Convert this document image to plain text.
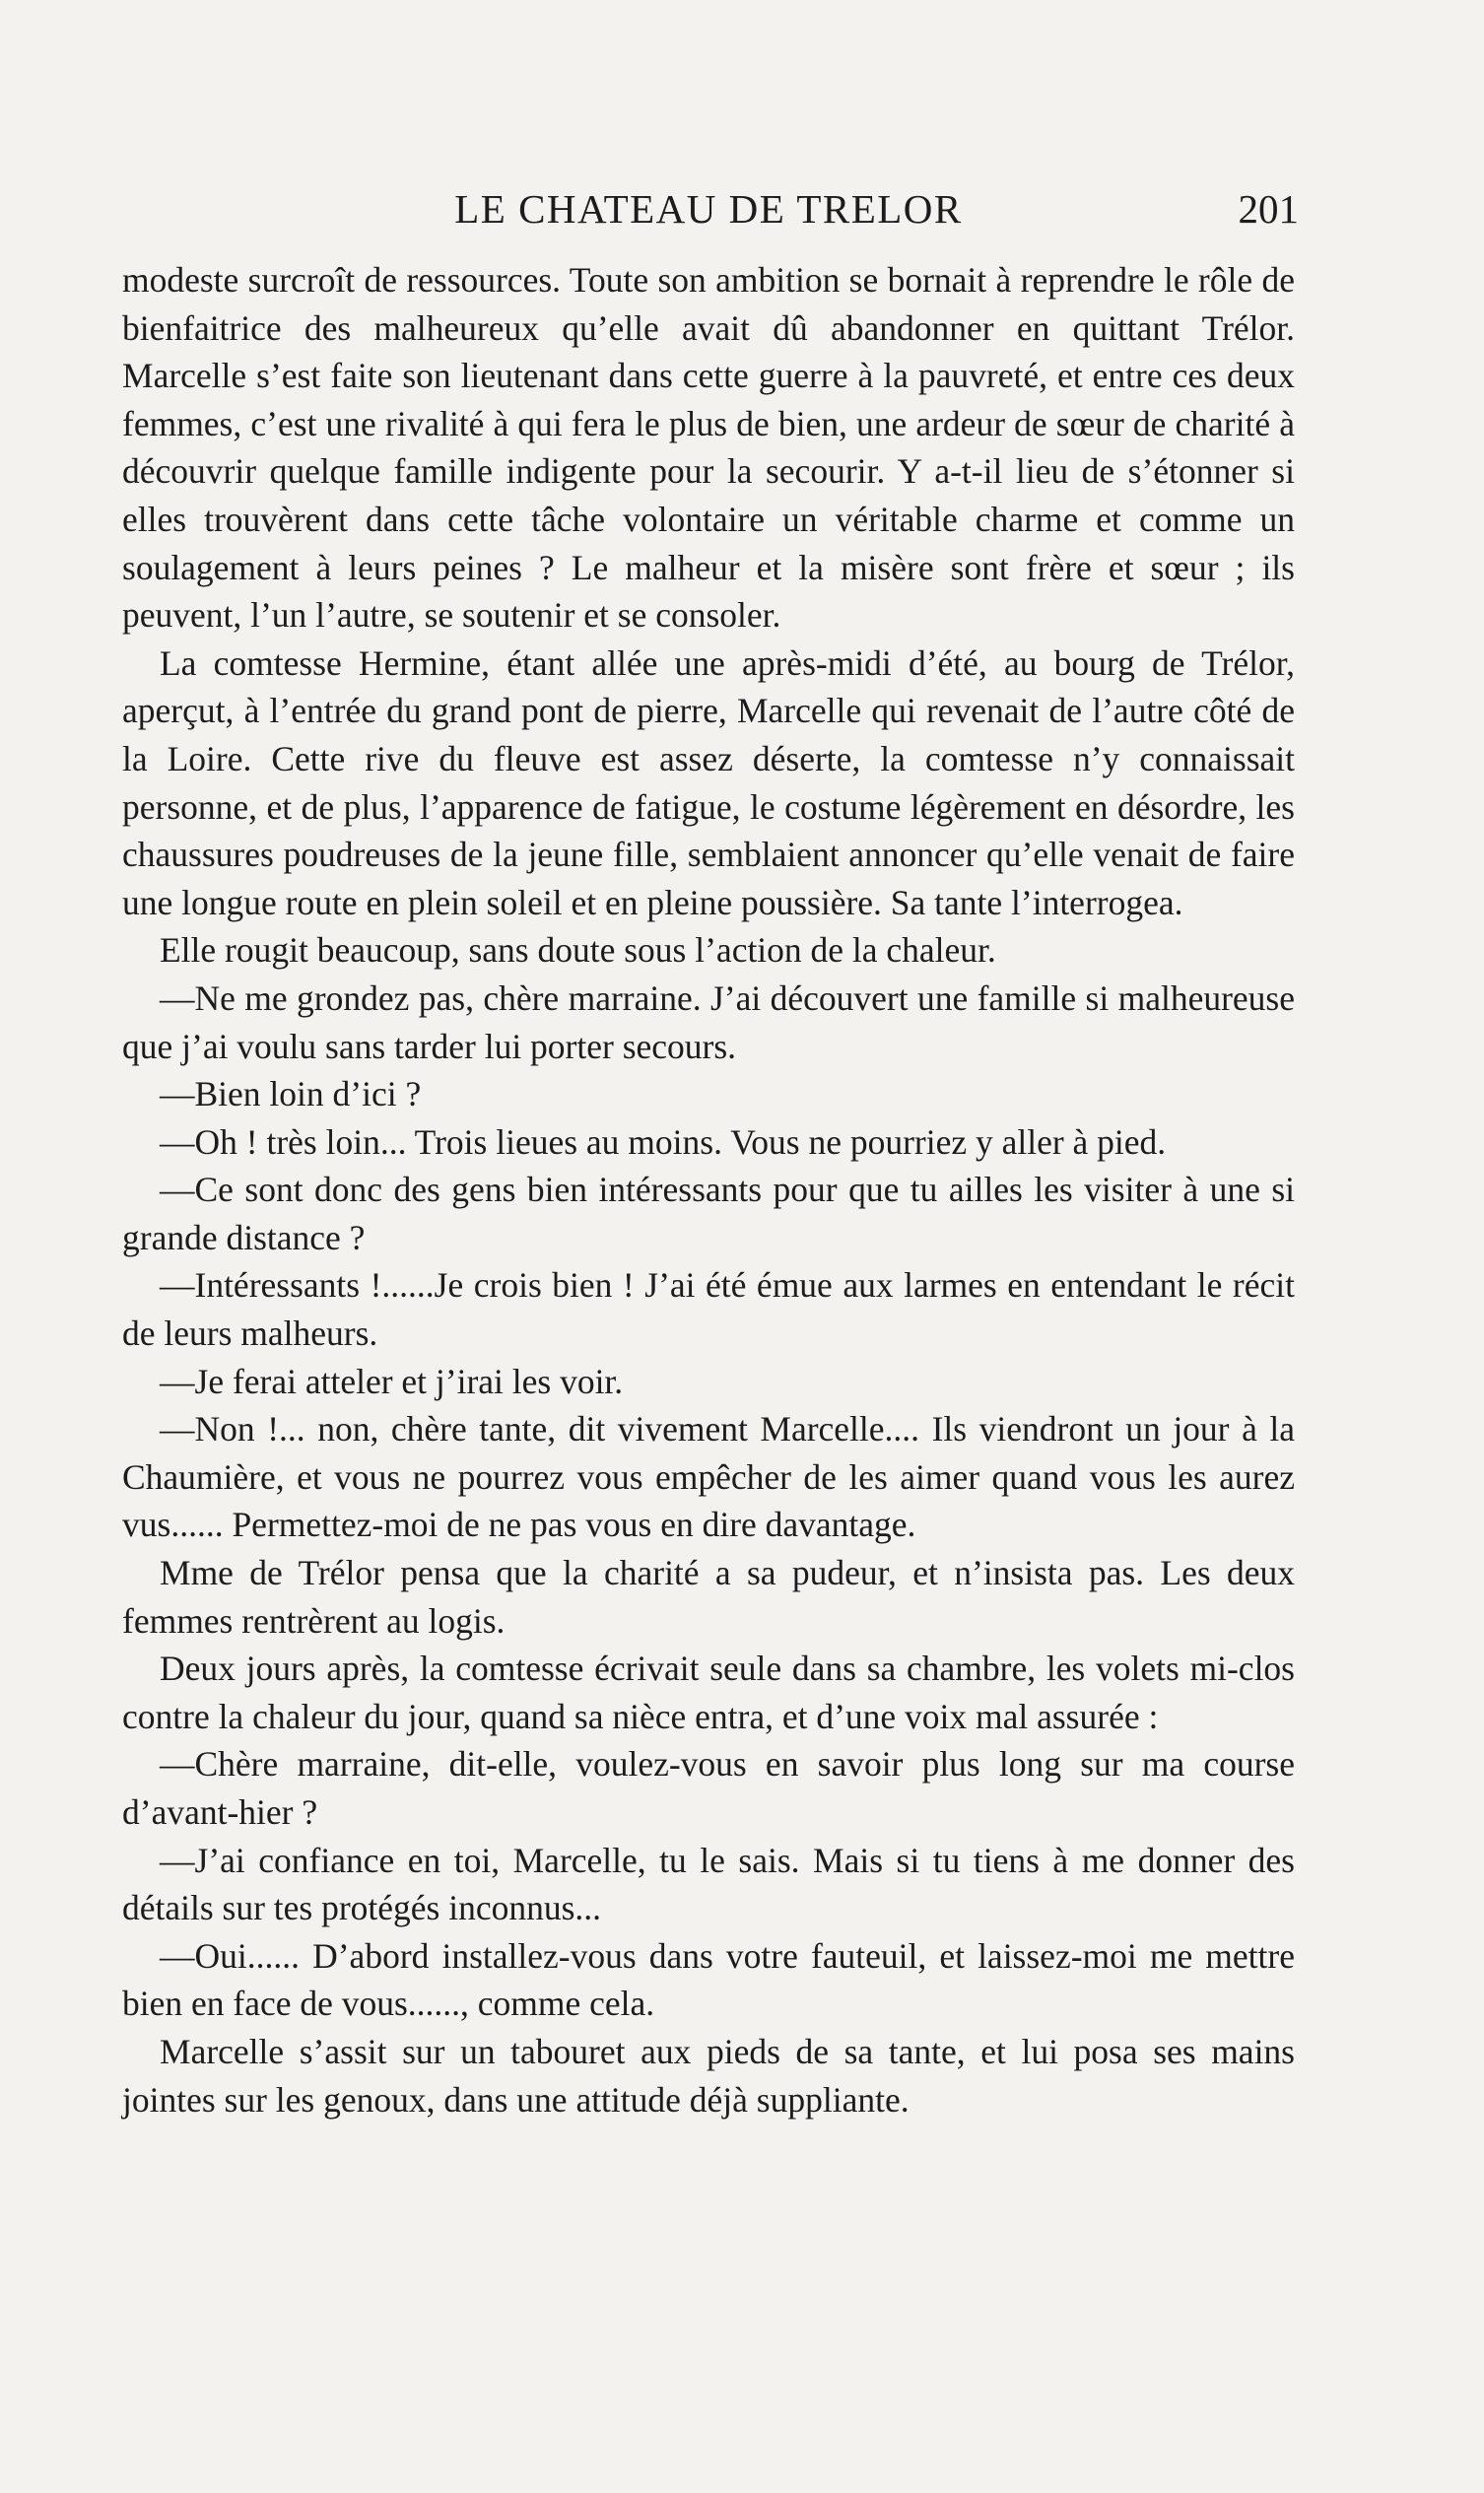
LE CHATEAU DE TRELOR	201

modeste surcroît de ressources. Toute son ambition se bornait à reprendre le rôle de bienfaitrice des malheureux qu’elle avait dû abandonner en quittant Trélor. Marcelle s’est faite son lieutenant dans cette guerre à la pauvreté, et entre ces deux femmes, c’est une rivalité à qui fera le plus de bien, une ardeur de sœur de charité à découvrir quelque famille indigente pour la secourir. Y a-t-il lieu de s’étonner si elles trouvèrent dans cette tâche volontaire un véritable charme et comme un soulagement à leurs peines ? Le malheur et la misère sont frère et sœur ; ils peuvent, l’un l’autre, se soutenir et se consoler.

La comtesse Hermine, étant allée une après-midi d’été, au bourg de Trélor, aperçut, à l’entrée du grand pont de pierre, Marcelle qui revenait de l’autre côté de la Loire. Cette rive du fleuve est assez déserte, la comtesse n’y connaissait personne, et de plus, l’apparence de fatigue, le costume légèrement en désordre, les chaussures poudreuses de la jeune fille, semblaient annoncer qu’elle venait de faire une longue route en plein soleil et en pleine poussière. Sa tante l’interrogea.

Elle rougit beaucoup, sans doute sous l’action de la chaleur.

—Ne me grondez pas, chère marraine. J’ai découvert une famille si malheureuse que j’ai voulu sans tarder lui porter secours.

—Bien loin d’ici ?

—Oh ! très loin... Trois lieues au moins. Vous ne pourriez y aller à pied.

—Ce sont donc des gens bien intéressants pour que tu ailles les visiter à une si grande distance ?

—Intéressants !......Je crois bien ! J’ai été émue aux larmes en entendant le récit de leurs malheurs.

—Je ferai atteler et j’irai les voir.

—Non !... non, chère tante, dit vivement Marcelle.... Ils viendront un jour à la Chaumière, et vous ne pourrez vous empêcher de les aimer quand vous les aurez vus...... Permettez-moi de ne pas vous en dire davantage.

Mme de Trélor pensa que la charité a sa pudeur, et n’insista pas. Les deux femmes rentrèrent au logis.

Deux jours après, la comtesse écrivait seule dans sa chambre, les volets mi-clos contre la chaleur du jour, quand sa nièce entra, et d’une voix mal assurée :

—Chère marraine, dit-elle, voulez-vous en savoir plus long sur ma course d’avant-hier ?

—J’ai confiance en toi, Marcelle, tu le sais. Mais si tu tiens à me donner des détails sur tes protégés inconnus...

—Oui...... D’abord installez-vous dans votre fauteuil, et laissez-moi me mettre bien en face de vous......, comme cela.

Marcelle s’assit sur un tabouret aux pieds de sa tante, et lui posa ses mains jointes sur les genoux, dans une attitude déjà suppliante.
